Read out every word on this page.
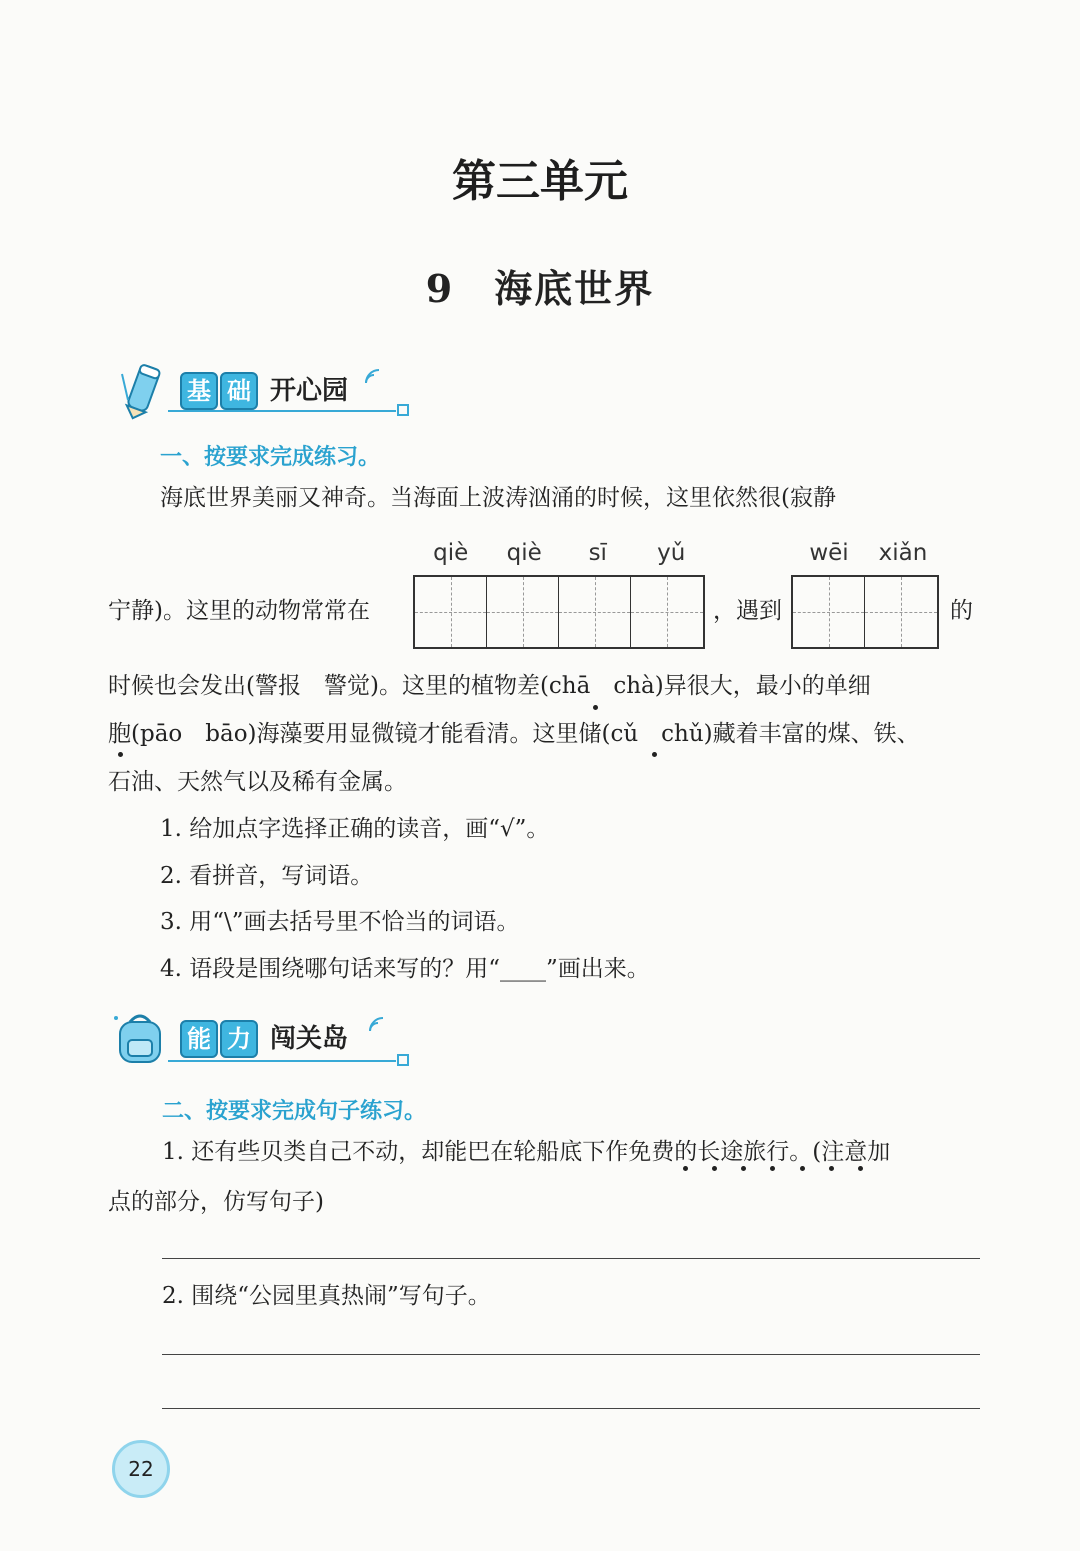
第三单元
9 海底世界
基 础 开心园
一、按要求完成练习。
海底世界美丽又神奇。当海面上波涛汹涌的时候，这里依然很(寂静
qiè	qiè	sī	yǔ	wēi	xiǎn
宁静)。这里的动物常常在	，遇到	的
时候也会发出(警报　警觉)。这里的植物差(chā　chà)异很大，最小的单细
胞(pāo　bāo)海藻要用显微镜才能看清。这里储(cǔ　chǔ)藏着丰富的煤、铁、
石油、天然气以及稀有金属。
1. 给加点字选择正确的读音，画“√”。
2. 看拼音，写词语。
3. 用“\”画去括号里不恰当的词语。
4. 语段是围绕哪句话来写的？用“____”画出来。
能 力 闯关岛
二、按要求完成句子练习。
1. 还有些贝类自己不动，却能巴在轮船底下作免费的长途旅行。(注意加
点的部分，仿写句子)
2. 围绕“公园里真热闹”写句子。
22
